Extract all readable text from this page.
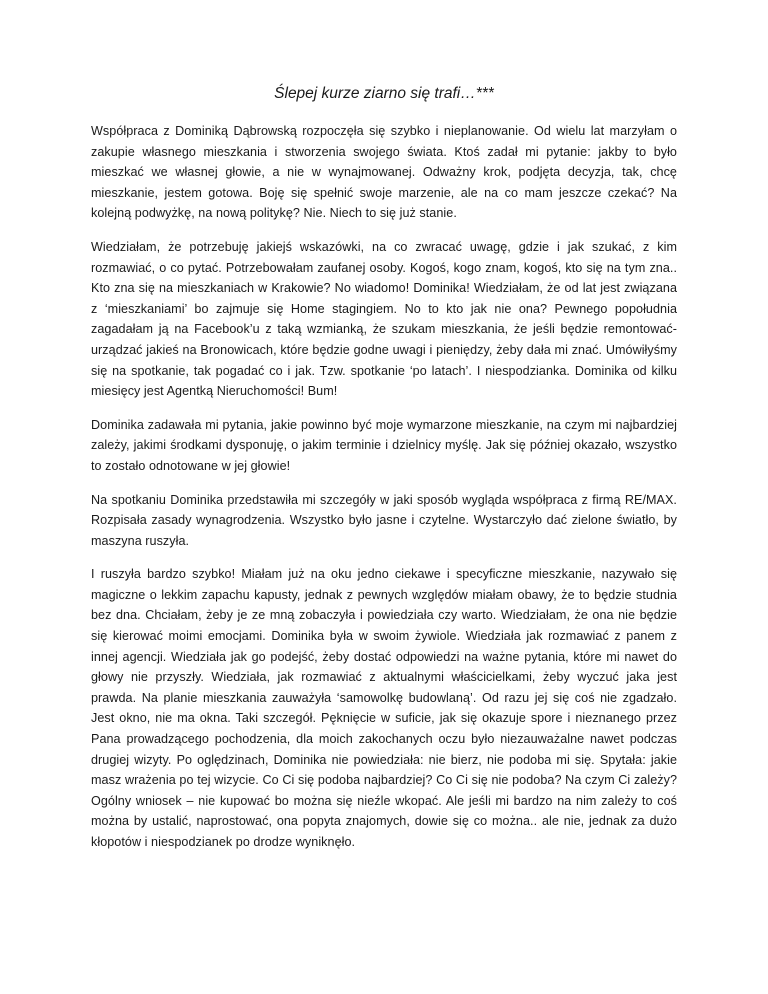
Ślepej kurze ziarno się trafi…***

Współpraca z Dominiką Dąbrowską rozpoczęła się szybko i nieplanowanie. Od wielu lat marzyłam o zakupie własnego mieszkania i stworzenia swojego świata. Ktoś zadał mi pytanie: jakby to było mieszkać we własnej głowie, a nie w wynajmowanej. Odważny krok, podjęta decyzja, tak, chcę mieszkanie, jestem gotowa. Boję się spełnić swoje marzenie, ale na co mam jeszcze czekać? Na kolejną podwyżkę, na nową politykę? Nie. Niech to się już stanie.

Wiedziałam, że potrzebuję jakiejś wskazówki, na co zwracać uwagę, gdzie i jak szukać, z kim rozmawiać, o co pytać. Potrzebowałam zaufanej osoby. Kogoś, kogo znam, kogoś, kto się na tym zna.. Kto zna się na mieszkaniach w Krakowie? No wiadomo! Dominika! Wiedziałam, że od lat jest związana z ‘mieszkaniami’ bo zajmuje się Home stagingiem. No to kto jak nie ona? Pewnego popołudnia zagadałam ją na Facebook’u z taką wzmianką, że szukam mieszkania, że jeśli będzie remontować-urządzać jakieś na Bronowicach, które będzie godne uwagi i pieniędzy, żeby dała mi znać. Umówiłyśmy się na spotkanie, tak pogadać co i jak. Tzw. spotkanie ‘po latach’. I niespodzianka. Dominika od kilku miesięcy jest Agentką Nieruchomości! Bum!

Dominika zadawała mi pytania, jakie powinno być moje wymarzone mieszkanie, na czym mi najbardziej zależy, jakimi środkami dysponuję, o jakim terminie i dzielnicy myślę. Jak się później okazało, wszystko to zostało odnotowane w jej głowie!

Na spotkaniu Dominika przedstawiła mi szczegóły w jaki sposób wygląda współpraca z firmą RE/MAX. Rozpisała zasady wynagrodzenia. Wszystko było jasne i czytelne. Wystarczyło dać zielone światło, by maszyna ruszyła.

I ruszyła bardzo szybko! Miałam już na oku jedno ciekawe i specyficzne mieszkanie, nazywało się magiczne o lekkim zapachu kapusty, jednak z pewnych względów miałam obawy, że to będzie studnia bez dna. Chciałam, żeby je ze mną zobaczyła i powiedziała czy warto. Wiedziałam, że ona nie będzie się kierować moimi emocjami. Dominika była w swoim żywiole. Wiedziała jak rozmawiać z panem z innej agencji. Wiedziała jak go podejść, żeby dostać odpowiedzi na ważne pytania, które mi nawet do głowy nie przyszły. Wiedziała, jak rozmawiać z aktualnymi właścicielkami, żeby wyczuć jaka jest prawda. Na planie mieszkania zauważyła ‘samowolkę budowlaną’. Od razu jej się coś nie zgadzało. Jest okno, nie ma okna. Taki szczegół. Pęknięcie w suficie, jak się okazuje spore i nieznanego przez Pana prowadzącego pochodzenia, dla moich zakochanych oczu było niezauważalne nawet podczas drugiej wizyty. Po oględzinach, Dominika nie powiedziała: nie bierz, nie podoba mi się. Spytała: jakie masz wrażenia po tej wizycie. Co Ci się podoba najbardziej? Co Ci się nie podoba? Na czym Ci zależy? Ogólny wniosek – nie kupować bo można się nieźle wkopać. Ale jeśli mi bardzo na nim zależy to coś można by ustalić, naprostować, ona popyta znajomych, dowie się co można.. ale nie, jednak za dużo kłopotów i niespodzianek po drodze wyniknęło.
